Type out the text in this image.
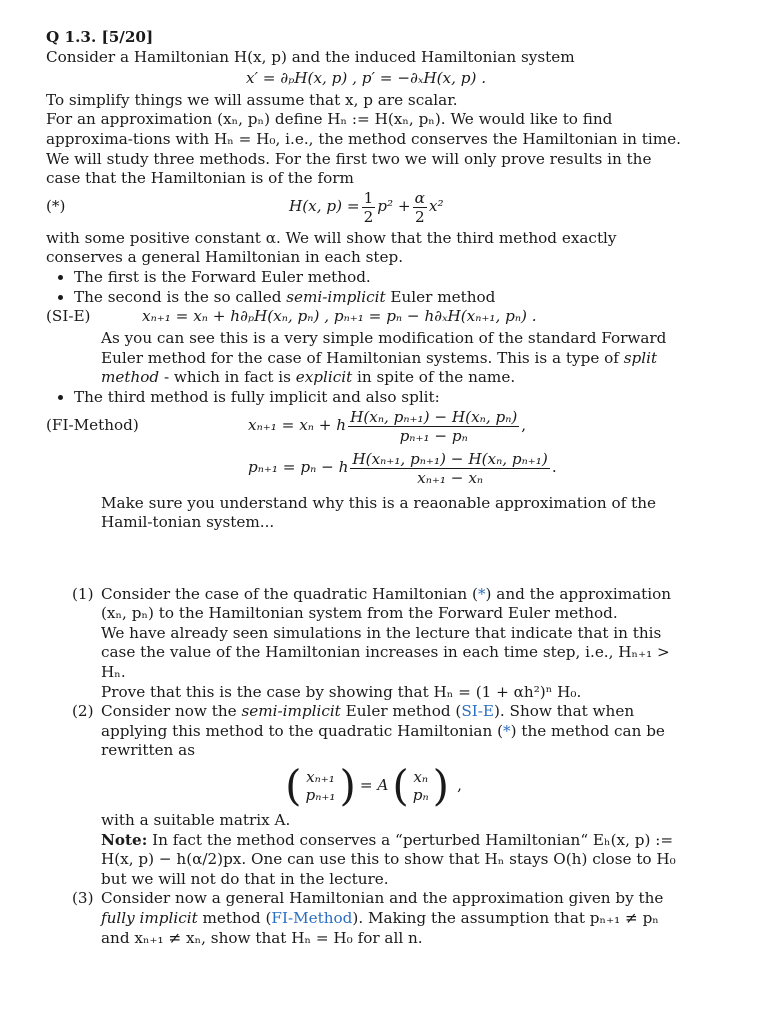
Q 1.3. [5/20]

Consider a Hamiltonian H(x, p) and the induced Hamiltonian system

x′ = ∂ₚH(x, p) , p′ = −∂ₓH(x, p) .

To simplify things we will assume that x, p are scalar.

For an approximation (xₙ, pₙ) define Hₙ := H(xₙ, pₙ). We would like to find approxima-tions with Hₙ = H₀, i.e., the method conserves the Hamiltonian in time. We will study three methods. For the first two we will only prove results in the case that the Hamiltonian is of the form

(*)	H(x, $p) = \frac{1}{2} p^2 + \frac{\alpha}{2} x^2$

with some positive constant α. We will show that the third method exactly conserves a general Hamiltonian in each step.

• The first is the Forward Euler method.
• The second is the so called semi-implicit Euler method
(SI-E)	xₙ₊₁ = xₙ + h∂ₚH(xₙ, pₙ) , pₙ₊₁ = pₙ − h∂ₓH(xₙ₊₁, pₙ) .

As you can see this is a very simple modification of the standard Forward Euler method for the case of Hamiltonian systems. This is a type of split method - which in fact is explicit in spite of the name.

• The third method is fully implicit and also split:
(FI-Method)	xₙ₊₁ = xₙ + h $\frac{\text{H(xₙ, pₙ₊₁) − H(xₙ, pₙ)}}{\text{pₙ₊₁ − pₙ}}$ ,
pₙ₊₁ = pₙ − h $\frac{\text{H(xₙ₊₁, pₙ₊₁) − H(xₙ, pₙ₊₁)}}{\text{xₙ₊₁ − xₙ}}$ .

Make sure you understand why this is a reaonable approximation of the Hamil-tonian system...

(1) Consider the case of the quadratic Hamiltonian (*) and the approximation (xₙ, pₙ) to the Hamiltonian system from the Forward Euler method.
We have already seen simulations in the lecture that indicate that in this case the value of the Hamiltonian increases in each time step, i.e., Hₙ₊₁ > Hₙ.
Prove that this is the case by showing that Hₙ = (1 + αh²)ⁿ H₀.
(2) Consider now the semi-implicit Euler method (SI-E). Show that when applying this method to the quadratic Hamiltonian (*) the method can be rewritten as
( xₙ₊₁
pₙ₊₁ ) = A ( xₙ
pₙ ) ,
with a suitable matrix A.
Note: In fact the method conserves a “perturbed Hamiltonian“ Eₕ(x, p) := H(x, p) − h(α/2)px. One can use this to show that Hₙ stays O(h) close to H₀ but we will not do that in the lecture.
(3) Consider now a general Hamiltonian and the approximation given by the fully implicit method (FI-Method). Making the assumption that pₙ₊₁ ≠ pₙ and xₙ₊₁ ≠ xₙ, show that Hₙ = H₀ for all n.
